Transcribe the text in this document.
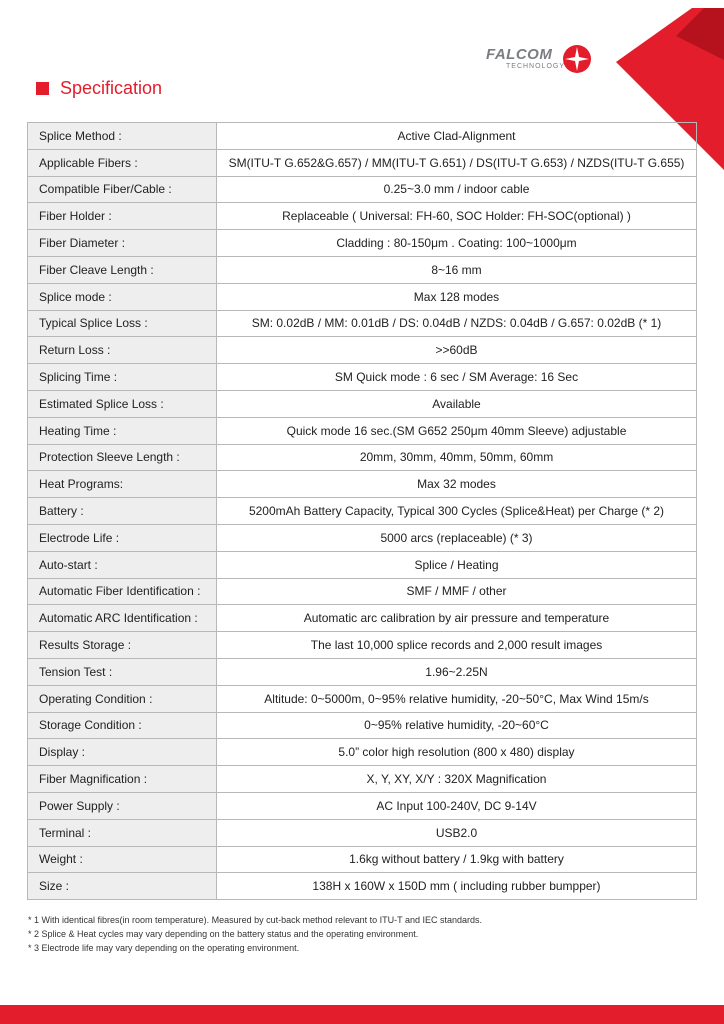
FALCOM
TECHNOLOGY
Specification
Splice Method :	Active Clad-Alignment
Applicable Fibers :	SM(ITU-T G.652&G.657) / MM(ITU-T G.651) / DS(ITU-T G.653) / NZDS(ITU-T G.655)
Compatible Fiber/Cable :	0.25~3.0 mm / indoor cable
Fiber Holder :	Replaceable ( Universal: FH-60, SOC Holder: FH-SOC(optional) )
Fiber Diameter :	Cladding : 80-150μm . Coating: 100~1000μm
Fiber Cleave Length :	8~16 mm
Splice mode :	Max 128 modes
Typical Splice Loss :	SM: 0.02dB / MM: 0.01dB / DS: 0.04dB / NZDS: 0.04dB / G.657: 0.02dB (* 1)
Return Loss :	>>60dB
Splicing Time :	SM Quick mode : 6 sec / SM Average: 16 Sec
Estimated Splice Loss :	Available
Heating Time :	Quick mode 16 sec.(SM G652 250μm 40mm Sleeve) adjustable
Protection Sleeve Length :	20mm, 30mm, 40mm, 50mm, 60mm
Heat Programs:	Max 32 modes
Battery :	5200mAh Battery Capacity, Typical 300 Cycles (Splice&Heat) per Charge (* 2)
Electrode Life :	5000 arcs (replaceable) (* 3)
Auto-start :	Splice / Heating
Automatic Fiber Identification :	SMF / MMF / other
Automatic ARC Identification :	Automatic arc calibration by air pressure and temperature
Results Storage :	The last 10,000 splice records and 2,000 result images
Tension Test :	1.96~2.25N
Operating Condition :	Altitude: 0~5000m, 0~95% relative humidity, -20~50°C, Max Wind 15m/s
Storage Condition :	0~95% relative humidity, -20~60°C
Display :	5.0” color high resolution (800 x 480) display
Fiber Magnification :	X, Y, XY, X/Y : 320X Magnification
Power Supply :	AC Input 100-240V, DC 9-14V
Terminal :	USB2.0
Weight :	1.6kg without battery / 1.9kg with battery
Size :	138H x 160W x 150D mm ( including rubber bumpper)
* 1 With identical fibres(in room temperature). Measured by cut-back method relevant to ITU-T and IEC standards.
* 2 Splice & Heat cycles may vary depending on the battery status and the operating environment.
* 3 Electrode life may vary depending on the operating environment.
